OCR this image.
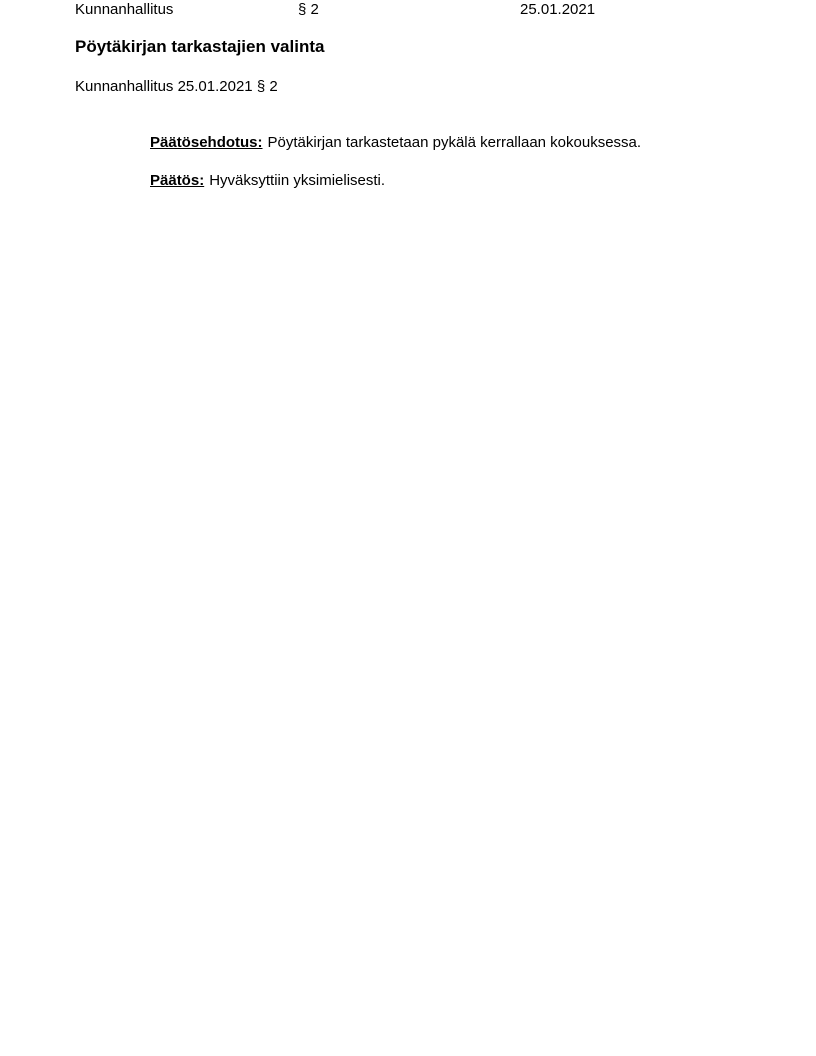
Kunnanhallitus	§ 2	25.01.2021
Pöytäkirjan tarkastajien valinta
Kunnanhallitus 25.01.2021 § 2
Päätösehdotus: Pöytäkirjan tarkastetaan pykälä kerrallaan kokouksessa.
Päätös: Hyväksyttiin yksimielisesti.
